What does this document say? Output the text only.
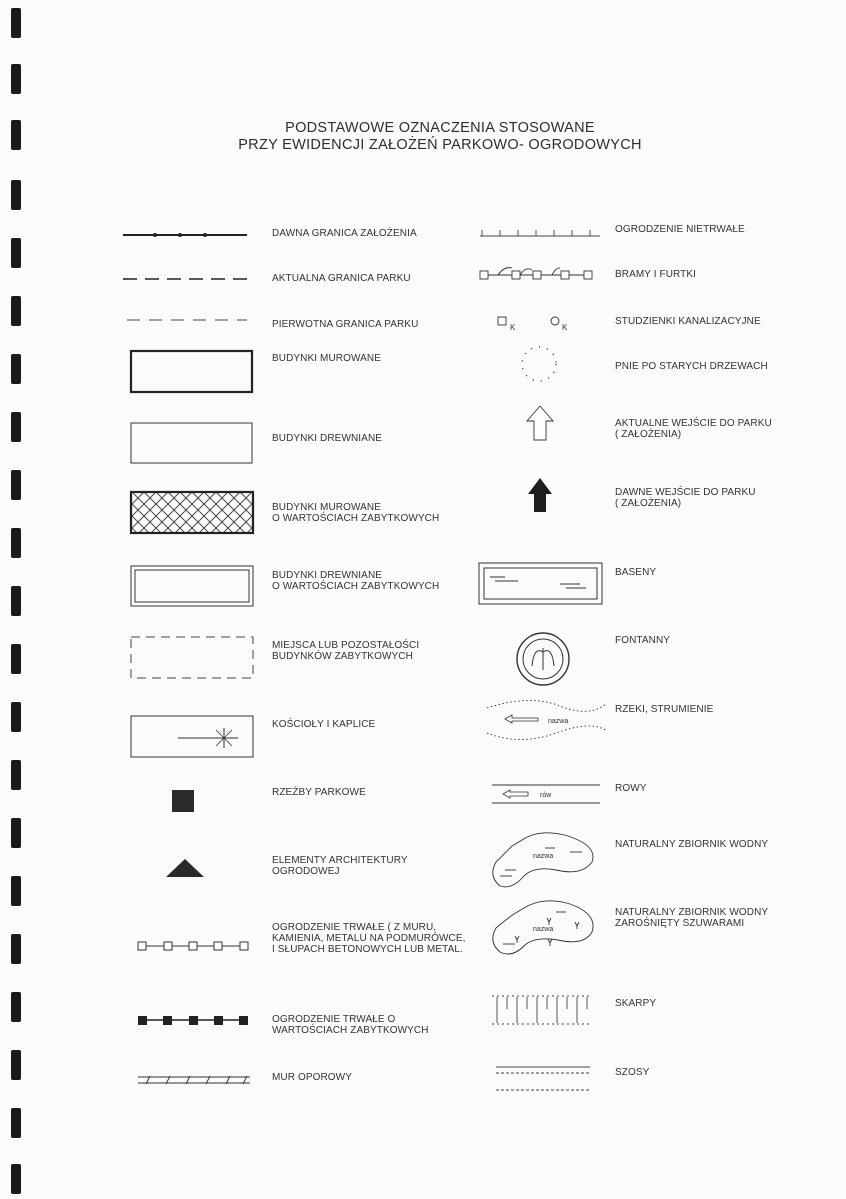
PODSTAWOWE OZNACZENIA STOSOWANE
PRZY EWIDENCJI ZAŁOŻEŃ PARKOWO- OGRODOWYCH
DAWNA GRANICA ZAŁOŻENIA
AKTUALNA GRANICA PARKU
PIERWOTNA GRANICA PARKU
BUDYNKI MUROWANE
BUDYNKI DREWNIANE
BUDYNKI MUROWANE
O WARTOŚCIACH ZABYTKOWYCH
BUDYNKI DREWNIANE
O WARTOŚCIACH ZABYTKOWYCH
MIEJSCA LUB POZOSTAŁOŚCI
BUDYNKÓW ZABYTKOWYCH
KOŚCIOŁY I KAPLICE
RZEŹBY PARKOWE
ELEMENTY ARCHITEKTURY
OGRODOWEJ
OGRODZENIE TRWAŁE ( Z MURU,
KAMIENIA, METALU NA PODMURÓWCE,
I SŁUPACH BETONOWYCH LUB METAL.
OGRODZENIE TRWAŁE O
WARTOŚCIACH ZABYTKOWYCH
MUR OPOROWY
OGRODZENIE NIETRWAŁE
BRAMY I FURTKI
STUDZIENKI KANALIZACYJNE
PNIE PO STARYCH DRZEWACH
AKTUALNE WEJŚCIE DO PARKU
( ZAŁOŻENIA)
DAWNE WEJŚCIE DO PARKU
( ZAŁOŻENIA)
BASENY
FONTANNY
RZEKI, STRUMIENIE
ROWY
NATURALNY ZBIORNIK WODNY
NATURALNY ZBIORNIK WODNY
ZAROŚNIĘTY SZUWARAMI
SKARPY
SZOSY
K	K
nazwa
rów
nazwa
nazwa
